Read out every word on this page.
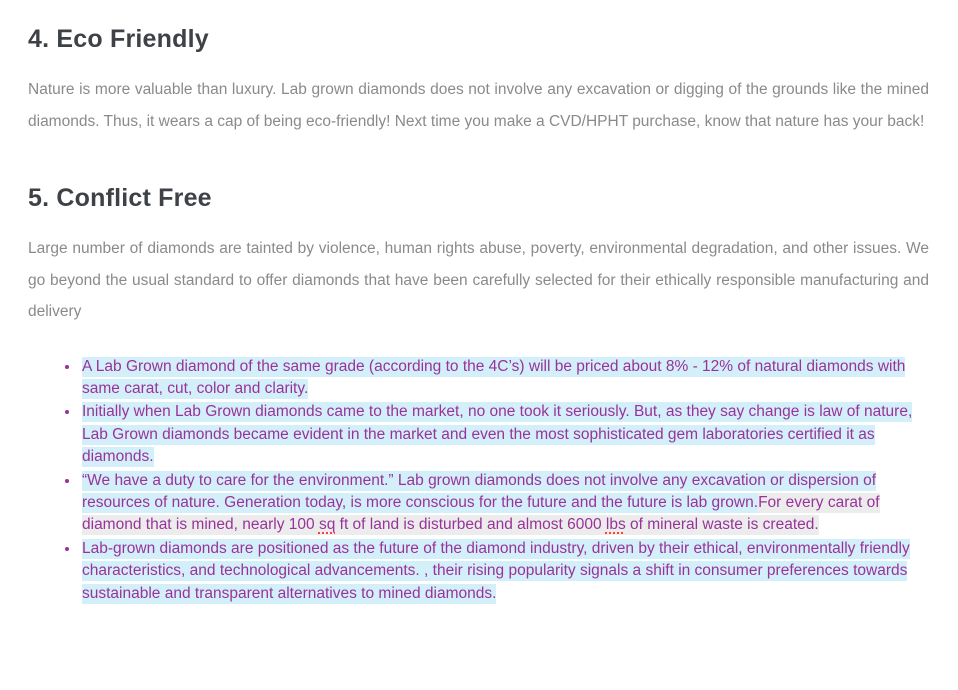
4. Eco Friendly

Nature is more valuable than luxury. Lab grown diamonds does not involve any excavation or digging of the grounds like the mined diamonds. Thus, it wears a cap of being eco-friendly! Next time you make a CVD/HPHT purchase, know that nature has your back!

5. Conflict Free

Large number of diamonds are tainted by violence, human rights abuse, poverty, environmental degradation, and other issues. We go beyond the usual standard to offer diamonds that have been carefully selected for their ethically responsible manufacturing and delivery

• A Lab Grown diamond of the same grade (according to the 4C’s) will be priced about 8% - 12% of natural diamonds with same carat, cut, color and clarity.
• Initially when Lab Grown diamonds came to the market, no one took it seriously. But, as they say change is law of nature, Lab Grown diamonds became evident in the market and even the most sophisticated gem laboratories certified it as diamonds.
• “We have a duty to care for the environment.” Lab grown diamonds does not involve any excavation or dispersion of resources of nature. Generation today, is more conscious for the future and the future is lab grown.For every carat of diamond that is mined, nearly 100 sq ft of land is disturbed and almost 6000 lbs of mineral waste is created.
• Lab-grown diamonds are positioned as the future of the diamond industry, driven by their ethical, environmentally friendly characteristics, and technological advancements. , their rising popularity signals a shift in consumer preferences towards sustainable and transparent alternatives to mined diamonds.
